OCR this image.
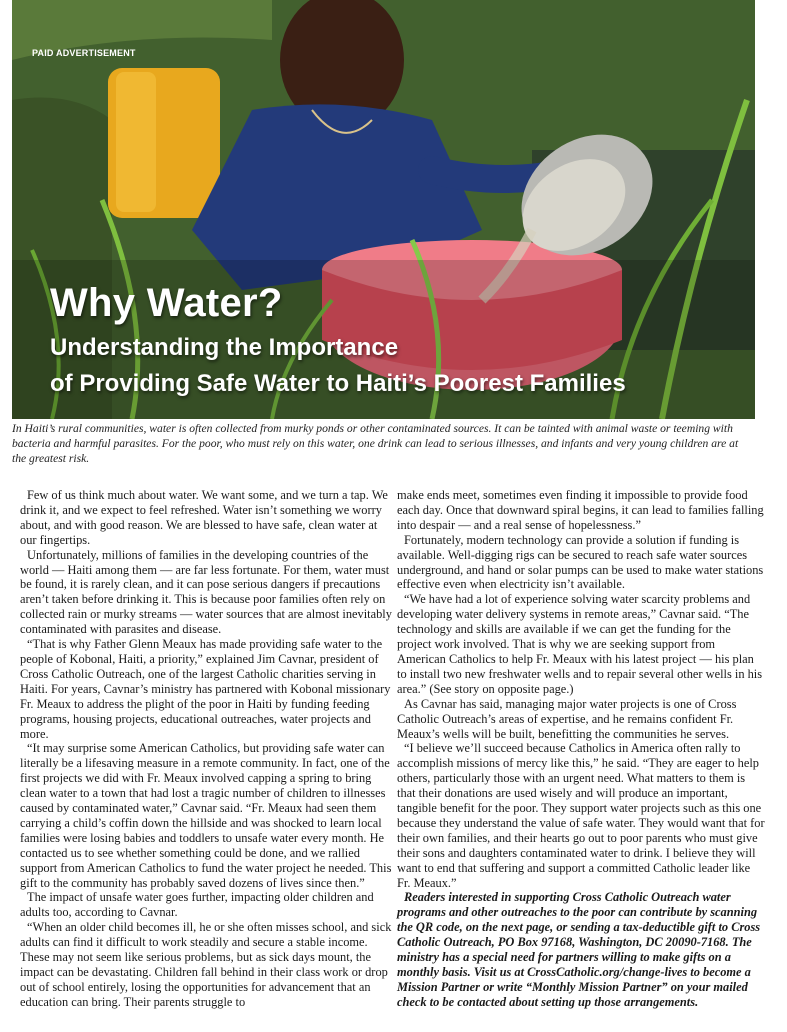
PAID ADVERTISEMENT
Why Water?
Understanding the Importance
of Providing Safe Water to Haiti’s Poorest Families
In Haiti’s rural communities, water is often collected from murky ponds or other contaminated sources. It can be tainted with animal waste or teeming with bacteria and harmful parasites. For the poor, who must rely on this water, one drink can lead to serious illnesses, and infants and very young children are at the greatest risk.

Few of us think much about water. We want some, and we turn a tap. We drink it, and we expect to feel refreshed. Water isn’t something we worry about, and with good reason. We are blessed to have safe, clean water at our fingertips.

Unfortunately, millions of families in the developing countries of the world — Haiti among them — are far less fortunate. For them, water must be found, it is rarely clean, and it can pose serious dangers if precautions aren’t taken before drinking it. This is because poor families often rely on collected rain or murky streams — water sources that are almost inevitably contaminated with parasites and disease.

“That is why Father Glenn Meaux has made providing safe water to the people of Kobonal, Haiti, a priority,” explained Jim Cavnar, president of Cross Catholic Outreach, one of the largest Catholic charities serving in Haiti. For years, Cavnar’s ministry has partnered with Kobonal missionary Fr. Meaux to address the plight of the poor in Haiti by funding feeding programs, housing projects, educational outreaches, water projects and more.

“It may surprise some American Catholics, but providing safe water can literally be a lifesaving measure in a remote community. In fact, one of the first projects we did with Fr. Meaux involved capping a spring to bring clean water to a town that had lost a tragic number of children to illnesses caused by contaminated water,” Cavnar said. “Fr. Meaux had seen them carrying a child’s coffin down the hillside and was shocked to learn local families were losing babies and toddlers to unsafe water every month. He contacted us to see whether something could be done, and we rallied support from American Catholics to fund the water project he needed. This gift to the community has probably saved dozens of lives since then.”

The impact of unsafe water goes further, impacting older children and adults too, according to Cavnar.

“When an older child becomes ill, he or she often misses school, and sick adults can find it difficult to work steadily and secure a stable income. These may not seem like serious problems, but as sick days mount, the impact can be devastating. Children fall behind in their class work or drop out of school entirely, losing the opportunities for advancement that an education can bring. Their parents struggle to

make ends meet, sometimes even finding it impossible to provide food each day. Once that downward spiral begins, it can lead to families falling into despair — and a real sense of hopelessness.”

Fortunately, modern technology can provide a solution if funding is available. Well-digging rigs can be secured to reach safe water sources underground, and hand or solar pumps can be used to make water stations effective even when electricity isn’t available.

“We have had a lot of experience solving water scarcity problems and developing water delivery systems in remote areas,” Cavnar said. “The technology and skills are available if we can get the funding for the project work involved. That is why we are seeking support from American Catholics to help Fr. Meaux with his latest project — his plan to install two new freshwater wells and to repair several other wells in his area.” (See story on opposite page.)

As Cavnar has said, managing major water projects is one of Cross Catholic Outreach’s areas of expertise, and he remains confident Fr. Meaux’s wells will be built, benefitting the communities he serves.

“I believe we’ll succeed because Catholics in America often rally to accomplish missions of mercy like this,” he said. “They are eager to help others, particularly those with an urgent need. What matters to them is that their donations are used wisely and will produce an important, tangible benefit for the poor. They support water projects such as this one because they understand the value of safe water. They would want that for their own families, and their hearts go out to poor parents who must give their sons and daughters contaminated water to drink. I believe they will want to end that suffering and support a committed Catholic leader like Fr. Meaux.”

Readers interested in supporting Cross Catholic Outreach water programs and other outreaches to the poor can contribute by scanning the QR code, on the next page, or sending a tax-deductible gift to Cross Catholic Outreach, PO Box 97168, Washington, DC 20090-7168. The ministry has a special need for partners willing to make gifts on a monthly basis. Visit us at CrossCatholic.org/change-lives to become a Mission Partner or write “Monthly Mission Partner” on your mailed check to be contacted about setting up those arrangements.
